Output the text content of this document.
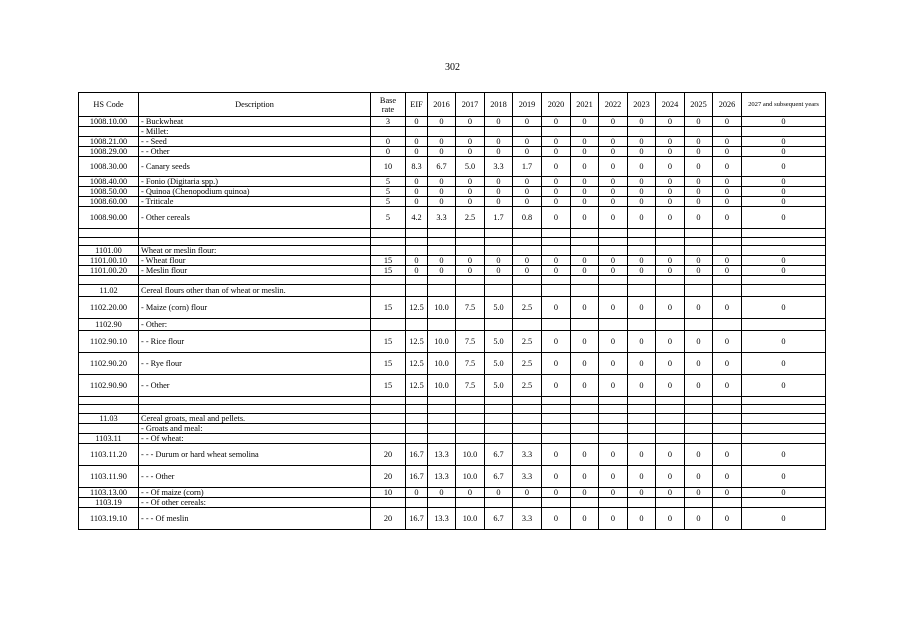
302
HS Code	Description	Base rate	EIF	2016	2017	2018	2019	2020	2021	2022	2023	2024	2025	2026	2027 and subsequent years
1008.10.00	- Buckwheat	3	0	0	0	0	0	0	0	0	0	0	0	0	0
	- Millet:														
1008.21.00	- - Seed	0	0	0	0	0	0	0	0	0	0	0	0	0	0
1008.29.00	- - Other	0	0	0	0	0	0	0	0	0	0	0	0	0	0
1008.30.00	- Canary seeds	10	8.3	6.7	5.0	3.3	1.7	0	0	0	0	0	0	0	0
1008.40.00	- Fonio (Digitaria spp.)	5	0	0	0	0	0	0	0	0	0	0	0	0	0
1008.50.00	- Quinoa (Chenopodium quinoa)	5	0	0	0	0	0	0	0	0	0	0	0	0	0
1008.60.00	- Triticale	5	0	0	0	0	0	0	0	0	0	0	0	0	0
1008.90.00	- Other cereals	5	4.2	3.3	2.5	1.7	0.8	0	0	0	0	0	0	0	0

1101.00	Wheat or meslin flour:														
1101.00.10	- Wheat flour	15	0	0	0	0	0	0	0	0	0	0	0	0	0
1101.00.20	- Meslin flour	15	0	0	0	0	0	0	0	0	0	0	0	0	0

11.02	Cereal flours other than of wheat or meslin.														
1102.20.00	- Maize (corn) flour	15	12.5	10.0	7.5	5.0	2.5	0	0	0	0	0	0	0	0
1102.90	- Other:														
1102.90.10	- - Rice flour	15	12.5	10.0	7.5	5.0	2.5	0	0	0	0	0	0	0	0
1102.90.20	- - Rye flour	15	12.5	10.0	7.5	5.0	2.5	0	0	0	0	0	0	0	0
1102.90.90	- - Other	15	12.5	10.0	7.5	5.0	2.5	0	0	0	0	0	0	0	0

11.03	Cereal groats, meal and pellets.														
	- Groats and meal:														
1103.11	- - Of wheat:														
1103.11.20	- - - Durum or hard wheat semolina	20	16.7	13.3	10.0	6.7	3.3	0	0	0	0	0	0	0	0
1103.11.90	- - - Other	20	16.7	13.3	10.0	6.7	3.3	0	0	0	0	0	0	0	0
1103.13.00	- - Of maize (corn)	10	0	0	0	0	0	0	0	0	0	0	0	0	0
1103.19	- - Of other cereals:														
1103.19.10	- - - Of meslin	20	16.7	13.3	10.0	6.7	3.3	0	0	0	0	0	0	0	0
